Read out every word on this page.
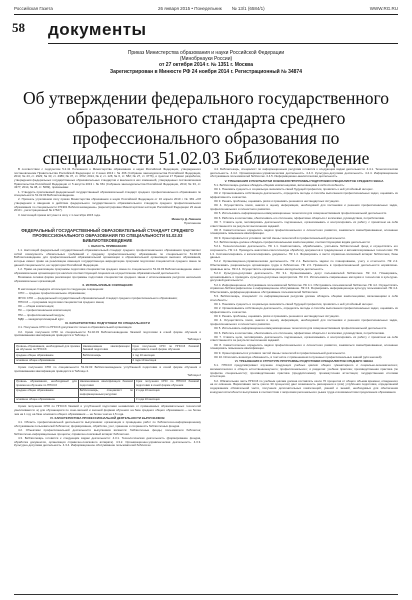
Российская Газета	26 января 2015 • Понедельник № 13/1 (6584/1)	WWW.RG.RU
58 документы
Приказ Министерства образования и науки Российской Федерации
(Минобрнауки России)
от 27 октября 2014 г. № 1351 г. Москва
Зарегистрирован в Минюсте РФ 24 ноября 2014 г. Регистрационный № 34874
Об утверждении федерального государственного образовательного стандарта среднего профессионального образования по специальности 51.02.03 Библиотековедение

В соответствии с подпунктом 5.2.41 Положения о Министерстве образования и науки Российской Федерации, утвержденного постановлением Правительства Российской Федерации от 3 июня 2013 г. № 466 (Собрание законодательства Российской Федерации, 2013, № 23, ст. 2923; № 33, ст. 4386; № 37, ст. 4702; 2014, № 2, ст. 126; № 6, ст. 582; № 27, ст. 3776), и пунктом 17 Правил разработки, утверждения федеральных государственных образовательных стандартов и внесения в них изменений, утвержденных постановлением Правительства Российской Федерации от 5 августа 2013 г. № 661 (Собрание законодательства Российской Федерации, 2013, № 33, ст. 4377; 2014, № 38, ст. 5069), приказываю:

1. Утвердить прилагаемый федеральный государственный образовательный стандарт среднего профессионального образования по специальности 51.02.03 Библиотековедение.

2. Признать утратившим силу приказ Министерства образования и науки Российской Федерации от 16 апреля 2010 г. № 381 «Об утверждении и введении в действие федерального государственного образовательного стандарта среднего профессионального образования по специальности 071901 Библиотековедение» (зарегистрирован Министерством юстиции Российской Федерации 23 июня 2010 г., регистрационный № 17627).

3. Настоящий приказ вступает в силу с 1 сентября 2015 года.

Министр Д. Ливанов

Приложение

ФЕДЕРАЛЬНЫЙ ГОСУДАРСТВЕННЫЙ ОБРАЗОВАТЕЛЬНЫЙ СТАНДАРТ СРЕДНЕГО ПРОФЕССИОНАЛЬНОГО ОБРАЗОВАНИЯ ПО СПЕЦИАЛЬНОСТИ 51.02.03 БИБЛИОТЕКОВЕДЕНИЕ

I. ОБЛАСТЬ ПРИМЕНЕНИЯ

1.1. Настоящий федеральный государственный образовательный стандарт среднего профессионального образования представляет собой совокупность обязательных требований к среднему профессиональному образованию по специальности 51.02.03 Библиотековедение для профессиональной образовательной организации и образовательной организации высшего образования, которые имеют право на реализацию имеющих государственную аккредитацию программ подготовки специалистов среднего звена по данной специальности, на территории Российской Федерации.

1.2. Право на реализацию программы подготовки специалистов среднего звена по специальности 51.02.03 Библиотековедение имеет образовательная организация при наличии соответствующей лицензии на осуществление образовательной деятельности.

Возможна сетевая форма реализации программы подготовки специалистов среднего звена с использованием ресурсов нескольких образовательных организаций.

II. ИСПОЛЬЗУЕМЫЕ СОКРАЩЕНИЯ

В настоящем стандарте используются следующие сокращения:

СПО — среднее профессиональное образование;

ФГОС СПО — федеральный государственный образовательный стандарт среднего профессионального образования;

ППССЗ — программа подготовки специалистов среднего звена;

ОК — общая компетенция;

ПК — профессиональная компетенция;

ПМ — профессиональный модуль;

МДК — междисциплинарный курс.

III. ХАРАКТЕРИСТИКА ПОДГОТОВКИ ПО СПЕЦИАЛЬНОСТИ

3.1. Получение СПО по ППССЗ допускается только в образовательной организации.

3.2. Сроки получения СПО по специальности 51.02.03 Библиотековедение базовой подготовки в очной форме обучения и присваиваемая квалификация приводятся в Таблице 1.

Таблица 1

Уровень образования, необходимый для приема на обучение по ППССЗ	Наименование квалификации базовой подготовки	Срок получения СПО по ППССЗ базовой подготовки в очной форме обучения
среднее общее образование	Библиотекарь	1 год 10 месяцев
основное общее образование		2 года 10 месяцев

Сроки получения СПО по специальности 51.02.03 Библиотековедение углубленной подготовки в очной форме обучения и присваиваемая квалификация приводятся в Таблице 2.

Таблица 2

Уровень образования, необходимый для приема на обучение по ППССЗ	Наименование квалификации базовой подготовки	Срок получения СПО по ППССЗ базовой подготовки в очной форме обучения
среднее общее образование	Библиотекарь, специалист по информационным ресурсам	2 года 10 месяцев
основное общее образование		3 года 10 месяцев

Сроки получения СПО по ППССЗ базовой и углубленной подготовки независимо от применяемых образовательных технологий увеличиваются: а) для обучающихся по очно-заочной и заочной формам обучения: на базе среднего общего образования — не более чем на 1 год; на базе основного общего образования — не более чем на 1,5 года.

IV. ХАРАКТЕРИСТИКА ПРОФЕССИОНАЛЬНОЙ ДЕЯТЕЛЬНОСТИ ВЫПУСКНИКОВ

4.1. Область профессиональной деятельности выпускников: организация и проведение работ по библиотечно-информационному обслуживанию пользователей библиотек; формирование, обработка, учет, хранение и сохранность библиотечных фондов.

4.2. Объектами профессиональной деятельности выпускников являются: библиотечные фонды; пользователи библиотек; библиотечно-информационные процессы; справочно-поисковый аппарат библиотеки.

4.3. Библиотекарь готовится к следующим видам деятельности: 4.3.1. Технологическая деятельность (формирование фондов, обработка документов, организация справочно-поискового аппарата). 4.3.2. Организационно-управленческая деятельность. 4.3.3. Культурно-досуговая деятельность. 4.3.4. Информационное обслуживание пользователей библиотек.

4.4. Библиотекарь, специалист по информационным ресурсам готовится к следующим видам деятельности: 4.4.1. Технологическая деятельность. 4.4.2. Организационно-управленческая деятельность. 4.4.3. Культурно-досуговая деятельность. 4.4.4. Информационное обслуживание пользователей библиотек. 4.4.5. Информационно-аналитическая деятельность.

V. ТРЕБОВАНИЯ К РЕЗУЛЬТАТАМ ОСВОЕНИЯ ПРОГРАММЫ ПОДГОТОВКИ СПЕЦИАЛИСТОВ СРЕДНЕГО ЗВЕНА

5.1. Библиотекарь должен обладать общими компетенциями, включающими в себя способность:

ОК 1. Понимать сущность и социальную значимость своей будущей профессии, проявлять к ней устойчивый интерес.

ОК 2. Организовывать собственную деятельность, определять методы и способы выполнения профессиональных задач, оценивать их эффективность и качество.

ОК 3. Решать проблемы, оценивать риски и принимать решения в нестандартных ситуациях.

ОК 4. Осуществлять поиск, анализ и оценку информации, необходимой для постановки и решения профессиональных задач, профессионального и личностного развития.

ОК 5. Использовать информационно-коммуникационные технологии для совершенствования профессиональной деятельности.

ОК 6. Работать в коллективе, обеспечивать его сплочение, эффективно общаться с коллегами, руководством, потребителями.

ОК 7. Ставить цели, мотивировать деятельность подчиненных, организовывать и контролировать их работу с принятием на себя ответственности за результат выполнения заданий.

ОК 8. Самостоятельно определять задачи профессионального и личностного развития, заниматься самообразованием, осознанно планировать повышение квалификации.

ОК 9. Ориентироваться в условиях частой смены технологий в профессиональной деятельности.

5.2. Библиотекарь должен обладать профессиональными компетенциями, соответствующими видам деятельности:

5.2.1. Технологическая деятельность. ПК 1.1. Комплектовать, обрабатывать, учитывать библиотечный фонд и осуществлять его сохранность. ПК 1.2. Проводить аналитико-синтетическую обработку документов в традиционных и автоматизированных технологиях. ПК 1.3. Систематизировать и каталогизировать документы. ПК 1.4. Формировать и вести справочно-поисковый аппарат библиотеки, базы данных.

5.2.2. Организационно-управленческая деятельность. ПК 2.1. Выполнять задачи по планированию, учету и отчетности. ПК 2.2. Обеспечивать рациональную организацию труда в библиотеке. ПК 2.3. Применять в профессиональной деятельности нормативно-правовые акты. ПК 2.4. Осуществлять организационно-методическую деятельность.

5.2.3. Культурно-досуговая деятельность. ПК 3.1. Организовывать досуг пользователей библиотеки. ПК 3.2. Планировать, организовывать и проводить культурно-досуговые мероприятия. ПК 3.3. Использовать современные методики и технологии в культурно-досуговой деятельности.

5.2.4. Информационное обслуживание пользователей библиотек. ПК 4.1. Обслуживать пользователей библиотек. ПК 4.2. Осуществлять справочно-библиографическое и информационное обслуживание. ПК 4.3. Формировать информационную культуру пользователей. ПК 4.4. Обеспечивать дифференцированное обслуживание пользователей библиотеки.

5.3. Библиотекарь, специалист по информационным ресурсам должен обладать общими компетенциями, включающими в себя способность:

ОК 1. Понимать сущность и социальную значимость своей будущей профессии, проявлять к ней устойчивый интерес.

ОК 2. Организовывать собственную деятельность, определять методы и способы выполнения профессиональных задач, оценивать их эффективность и качество.

ОК 3. Решать проблемы, оценивать риски и принимать решения в нестандартных ситуациях.

ОК 4. Осуществлять поиск, анализ и оценку информации, необходимой для постановки и решения профессиональных задач, профессионального и личностного развития.

ОК 5. Использовать информационно-коммуникационные технологии для совершенствования профессиональной деятельности.

ОК 6. Работать в коллективе, обеспечивать его сплочение, эффективно общаться с коллегами, руководством, потребителями.

ОК 7. Ставить цели, мотивировать деятельность подчиненных, организовывать и контролировать их работу с принятием на себя ответственности за результат выполнения заданий.

ОК 8. Самостоятельно определять задачи профессионального и личностного развития, заниматься самообразованием, осознанно планировать повышение квалификации.

ОК 9. Ориентироваться в условиях частой смены технологий в профессиональной деятельности.

ОК 10. Исполнять воинскую обязанность, в том числе с применением полученных профессиональных знаний (для юношей).

VI. ТРЕБОВАНИЯ К СТРУКТУРЕ ПРОГРАММЫ ПОДГОТОВКИ СПЕЦИАЛИСТОВ СРЕДНЕГО ЗВЕНА

6.1. ППССЗ предусматривает изучение следующих учебных циклов: общего гуманитарного и социально-экономического; математического и общего естественнонаучного; профессионального; и разделов: учебная практика; производственная практика (по профилю специальности); производственная практика (преддипломная); промежуточная аттестация; государственная итоговая аттестация.

6.2. Обязательная часть ППССЗ по учебным циклам должна составлять около 70 процентов от общего объема времени, отведенного на их освоение. Вариативная часть (около 30 процентов) дает возможность расширения и (или) углубления подготовки, определяемой содержанием обязательной части, получения дополнительных компетенций, умений и знаний, необходимых для обеспечения конкурентоспособности выпускника в соответствии с запросами регионального рынка труда и возможностями продолжения образования.
